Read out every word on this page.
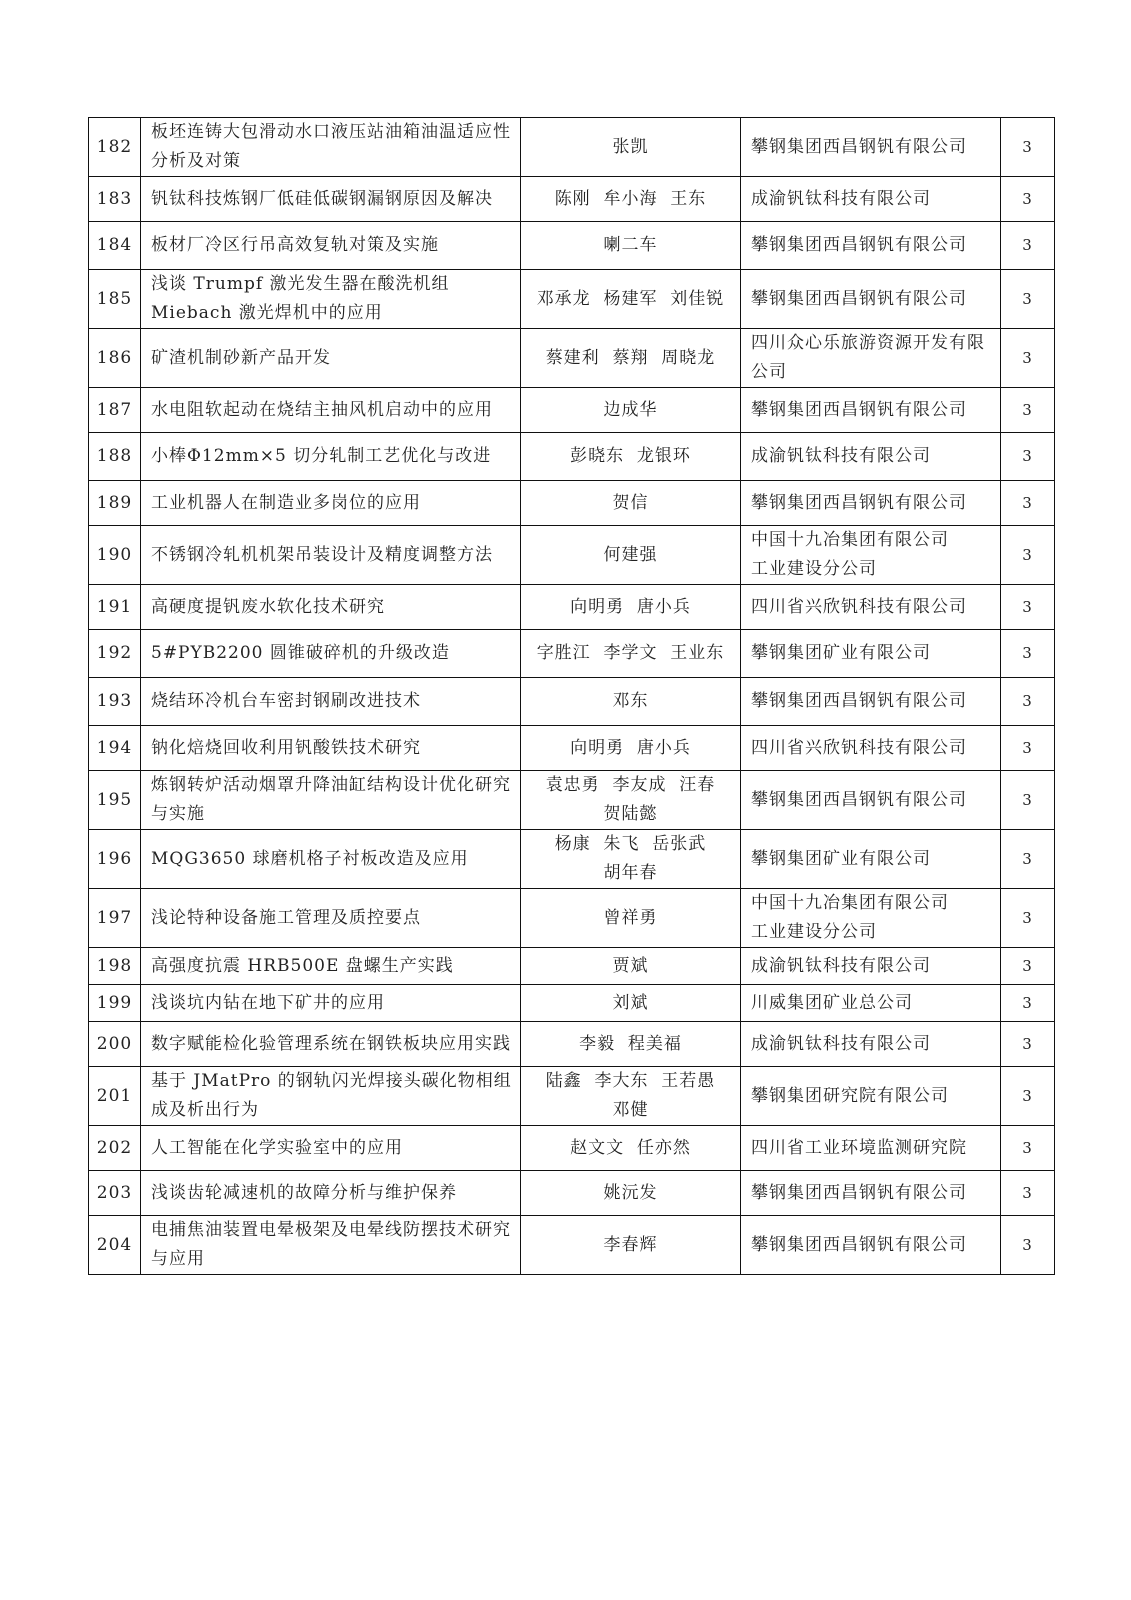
182	板坯连铸大包滑动水口液压站油箱油温适应性分析及对策	张凯	攀钢集团西昌钢钒有限公司	3
183	钒钛科技炼钢厂低硅低碳钢漏钢原因及解决	陈刚  牟小海  王东	成渝钒钛科技有限公司	3
184	板材厂冷区行吊高效复轨对策及实施	喇二车	攀钢集团西昌钢钒有限公司	3
185	浅谈 Trumpf 激光发生器在酸洗机组 Miebach 激光焊机中的应用	邓承龙  杨建军  刘佳锐	攀钢集团西昌钢钒有限公司	3
186	矿渣机制砂新产品开发	蔡建利  蔡翔  周晓龙	四川众心乐旅游资源开发有限公司	3
187	水电阻软起动在烧结主抽风机启动中的应用	边成华	攀钢集团西昌钢钒有限公司	3
188	小棒Φ12mm×5 切分轧制工艺优化与改进	彭晓东  龙银环	成渝钒钛科技有限公司	3
189	工业机器人在制造业多岗位的应用	贺信	攀钢集团西昌钢钒有限公司	3
190	不锈钢冷轧机机架吊装设计及精度调整方法	何建强	中国十九冶集团有限公司
工业建设分公司	3
191	高硬度提钒废水软化技术研究	向明勇  唐小兵	四川省兴欣钒科技有限公司	3
192	5#PYB2200 圆锥破碎机的升级改造	字胜江  李学文  王业东	攀钢集团矿业有限公司	3
193	烧结环冷机台车密封钢刷改进技术	邓东	攀钢集团西昌钢钒有限公司	3
194	钠化焙烧回收利用钒酸铁技术研究	向明勇  唐小兵	四川省兴欣钒科技有限公司	3
195	炼钢转炉活动烟罩升降油缸结构设计优化研究与实施	袁忠勇  李友成  汪春
贺陆懿	攀钢集团西昌钢钒有限公司	3
196	MQG3650 球磨机格子衬板改造及应用	杨康  朱飞  岳张武
胡年春	攀钢集团矿业有限公司	3
197	浅论特种设备施工管理及质控要点	曾祥勇	中国十九冶集团有限公司
工业建设分公司	3
198	高强度抗震 HRB500E 盘螺生产实践	贾斌	成渝钒钛科技有限公司	3
199	浅谈坑内钻在地下矿井的应用	刘斌	川威集团矿业总公司	3
200	数字赋能检化验管理系统在钢铁板块应用实践	李毅  程美福	成渝钒钛科技有限公司	3
201	基于 JMatPro 的钢轨闪光焊接头碳化物相组成及析出行为	陆鑫  李大东  王若愚
邓健	攀钢集团研究院有限公司	3
202	人工智能在化学实验室中的应用	赵文文  任亦然	四川省工业环境监测研究院	3
203	浅谈齿轮减速机的故障分析与维护保养	姚沅发	攀钢集团西昌钢钒有限公司	3
204	电捕焦油装置电晕极架及电晕线防摆技术研究与应用	李春辉	攀钢集团西昌钢钒有限公司	3
